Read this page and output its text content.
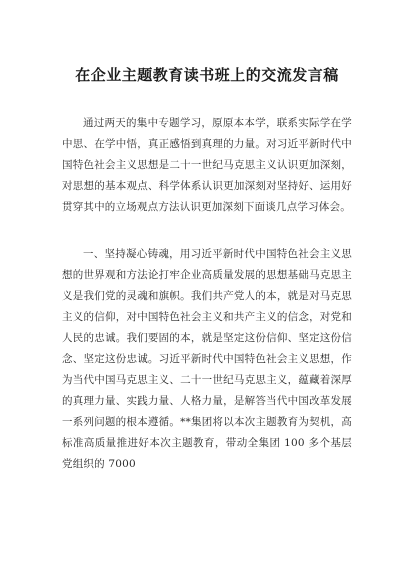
在企业主题教育读书班上的交流发言稿

通过两天的集中专题学习，原原本本学，联系实际学在学中思、在学中悟，真正感悟到真理的力量。对习近平新时代中国特色社会主义思想是二十一世纪马克思主义认识更加深刻，对思想的基本观点、科学体系认识更加深刻对坚持好、运用好贯穿其中的立场观点方法认识更加深刻下面谈几点学习体会。

一、坚持凝心铸魂，用习近平新时代中国特色社会主义思想的世界观和方法论打牢企业高质量发展的思想基础马克思主义是我们党的灵魂和旗帜。我们共产党人的本，就是对马克思主义的信仰，对中国特色社会主义和共产主义的信念，对党和人民的忠诚。我们要固的本，就是坚定这份信仰、坚定这份信念、坚定这份忠诚。习近平新时代中国特色社会主义思想，作为当代中国马克思主义、二十一世纪马克思主义，蕴藏着深厚的真理力量、实践力量、人格力量，是解答当代中国改革发展一系列问题的根本遵循。**集团将以本次主题教育为契机，高标准高质量推进好本次主题教育，带动全集团 100 多个基层党组织的 7000
